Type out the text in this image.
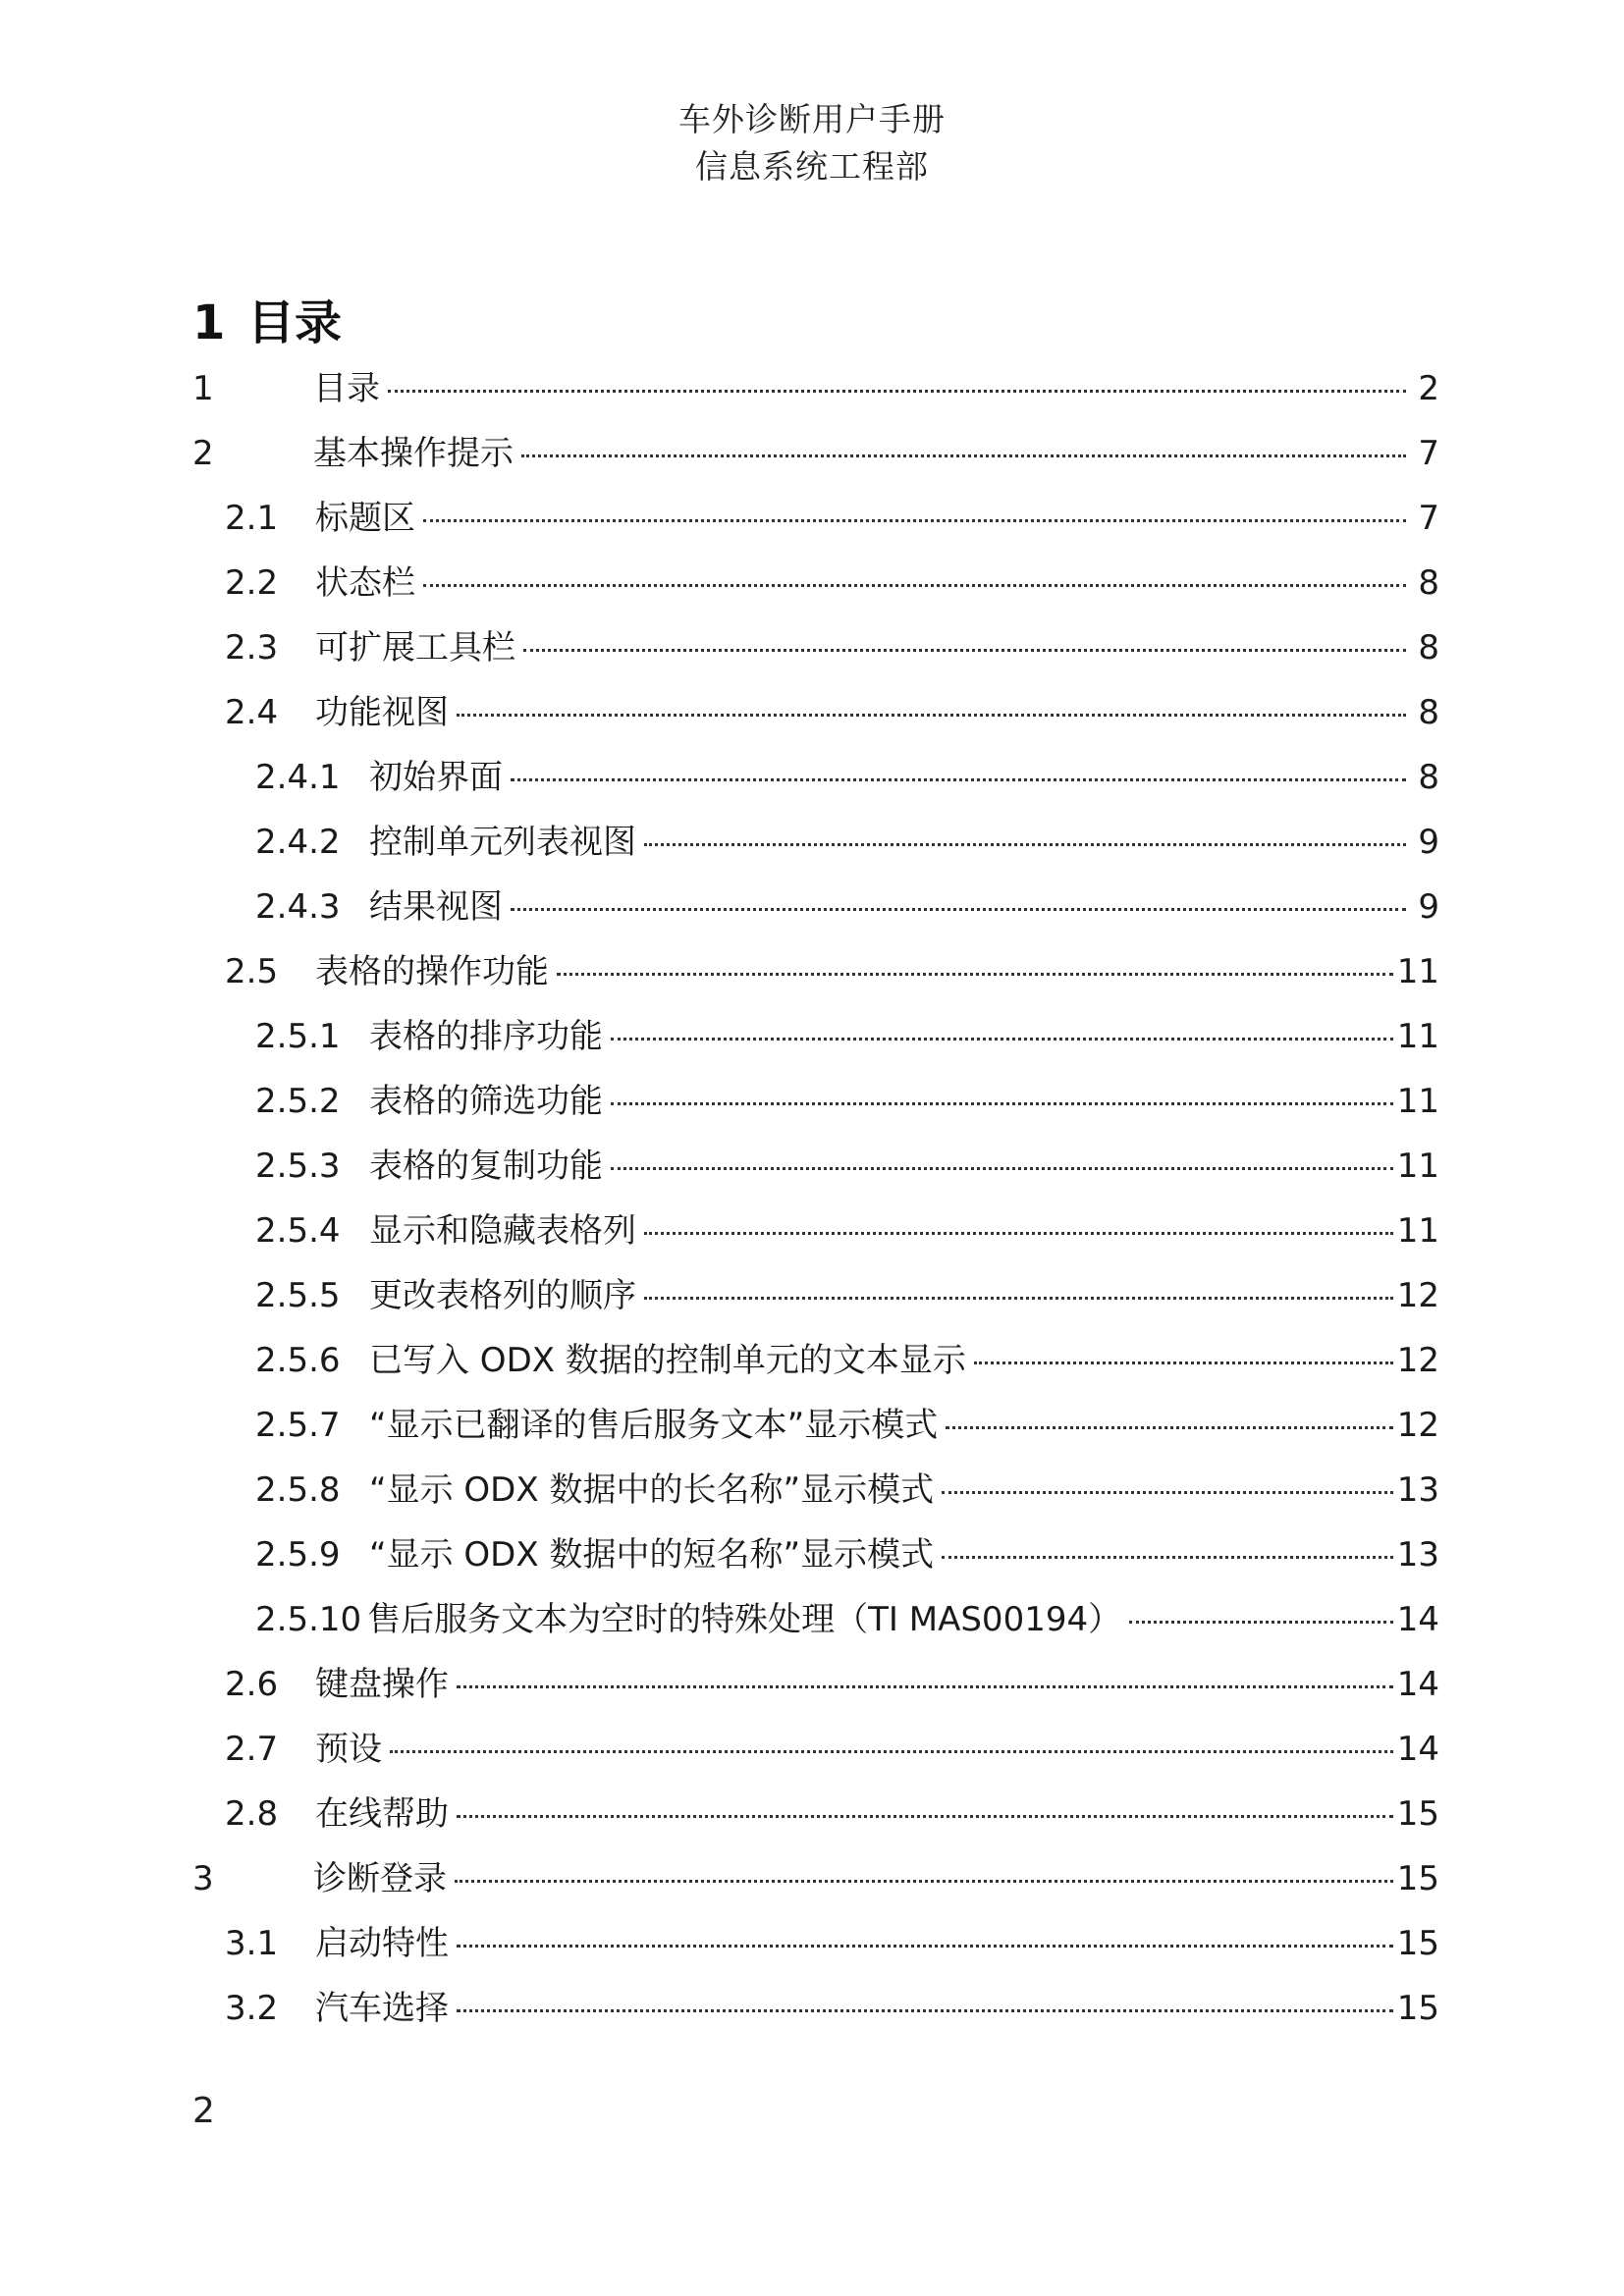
车外诊断用户手册
信息系统工程部
1 目录
1	目录	2
2	基本操作提示	7
2.1	标题区	7
2.2	状态栏	8
2.3	可扩展工具栏	8
2.4	功能视图	8
2.4.1 初始界面	8
2.4.2 控制单元列表视图	9
2.4.3 结果视图	9
2.5	表格的操作功能	11
2.5.1 表格的排序功能	11
2.5.2 表格的筛选功能	11
2.5.3 表格的复制功能	11
2.5.4 显示和隐藏表格列	11
2.5.5 更改表格列的顺序	12
2.5.6 已写入 ODX 数据的控制单元的文本显示	12
2.5.7 “显示已翻译的售后服务文本”显示模式	12
2.5.8 “显示 ODX 数据中的长名称”显示模式	13
2.5.9 “显示 ODX 数据中的短名称”显示模式	13
2.5.10 售后服务文本为空时的特殊处理（TI MAS00194）	14
2.6	键盘操作	14
2.7	预设	14
2.8	在线帮助	15
3	诊断登录	15
3.1	启动特性	15
3.2	汽车选择	15
2
